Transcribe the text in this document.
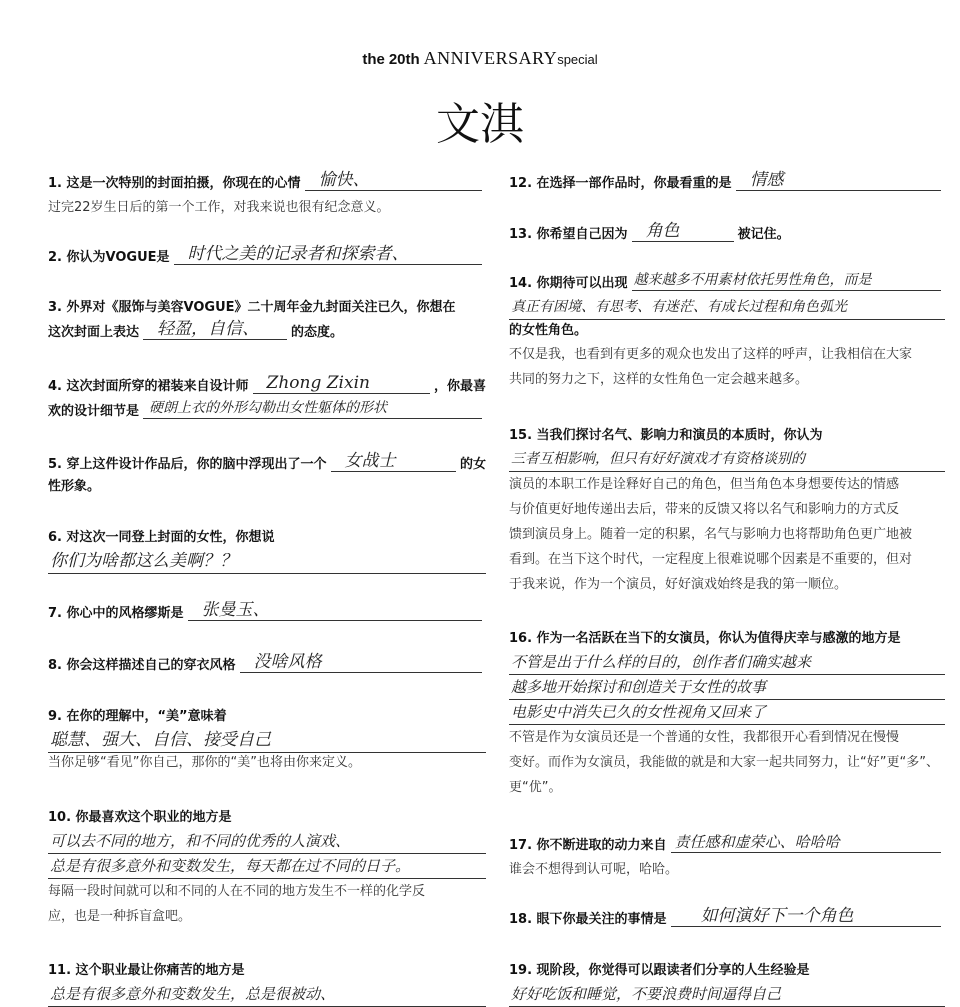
the 20th ANNIVERSARYspecial
文淇
1. 这是一次特别的封面拍摄，你现在的心情	愉快、
过完22岁生日后的第一个工作，对我来说也很有纪念意义。
2. 你认为VOGUE是	时代之美的记录者和探索者、
3. 外界对《服饰与美容VOGUE》二十周年金九封面关注已久，你想在
这次封面上表达	轻盈，自信、	的态度。
4. 这次封面所穿的裙装来自设计师	Zhong Zixin	，你最喜
欢的设计细节是 硬朗上衣的外形勾勒出女性躯体的形状
5. 穿上这件设计作品后，你的脑中浮现出了一个	女战士	的女
性形象。
6. 对这次一同登上封面的女性，你想说
你们为啥都这么美啊？？
7. 你心中的风格缪斯是	张曼玉、
8. 你会这样描述自己的穿衣风格	没啥风格
9. 在你的理解中，“美”意味着
聪慧、强大、自信、接受自己
当你足够“看见”你自己，那你的“美”也将由你来定义。
10. 你最喜欢这个职业的地方是
可以去不同的地方，和不同的优秀的人演戏、
总是有很多意外和变数发生，每天都在过不同的日子。
每隔一段时间就可以和不同的人在不同的地方发生不一样的化学反
应，也是一种拆盲盒吧。
11. 这个职业最让你痛苦的地方是
总是有很多意外和变数发生，总是很被动、
12. 在选择一部作品时，你最看重的是	情感
13. 你希望自己因为	角色	被记住。
14. 你期待可以出现 越来越多不用素材依托男性角色，而是
真正有困境、有思考、有迷茫、有成长过程和角色弧光
的女性角色。
不仅是我，也看到有更多的观众也发出了这样的呼声，让我相信在大家
共同的努力之下，这样的女性角色一定会越来越多。
15. 当我们探讨名气、影响力和演员的本质时，你认为
三者互相影响，但只有好好演戏才有资格谈别的
演员的本职工作是诠释好自己的角色，但当角色本身想要传达的情感
与价值更好地传递出去后，带来的反馈又将以名气和影响力的方式反
馈到演员身上。随着一定的积累，名气与影响力也将帮助角色更广地被
看到。在当下这个时代，一定程度上很难说哪个因素是不重要的，但对
于我来说，作为一个演员，好好演戏始终是我的第一顺位。
16. 作为一名活跃在当下的女演员，你认为值得庆幸与感激的地方是
不管是出于什么样的目的，创作者们确实越来
越多地开始探讨和创造关于女性的故事
电影史中消失已久的女性视角又回来了
不管是作为女演员还是一个普通的女性，我都很开心看到情况在慢慢
变好。而作为女演员，我能做的就是和大家一起共同努力，让“好”更“多”、
更“优”。
17. 你不断进取的动力来自 责任感和虚荣心、哈哈哈
谁会不想得到认可呢，哈哈。
18. 眼下你最关注的事情是	如何演好下一个角色
19. 现阶段，你觉得可以跟读者们分享的人生经验是
好好吃饭和睡觉，不要浪费时间逼得自己
